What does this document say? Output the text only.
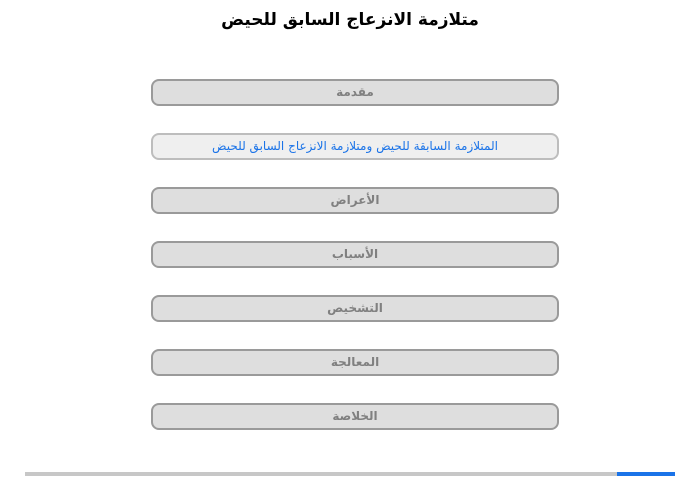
متلازمة الانزعاج السابق للحيض
مقدمة
المتلازمة السابقة للحيض ومتلازمة الانزعاج السابق للحيض
الأعراض
الأسباب
التشخيص
المعالجة
الخلاصة
